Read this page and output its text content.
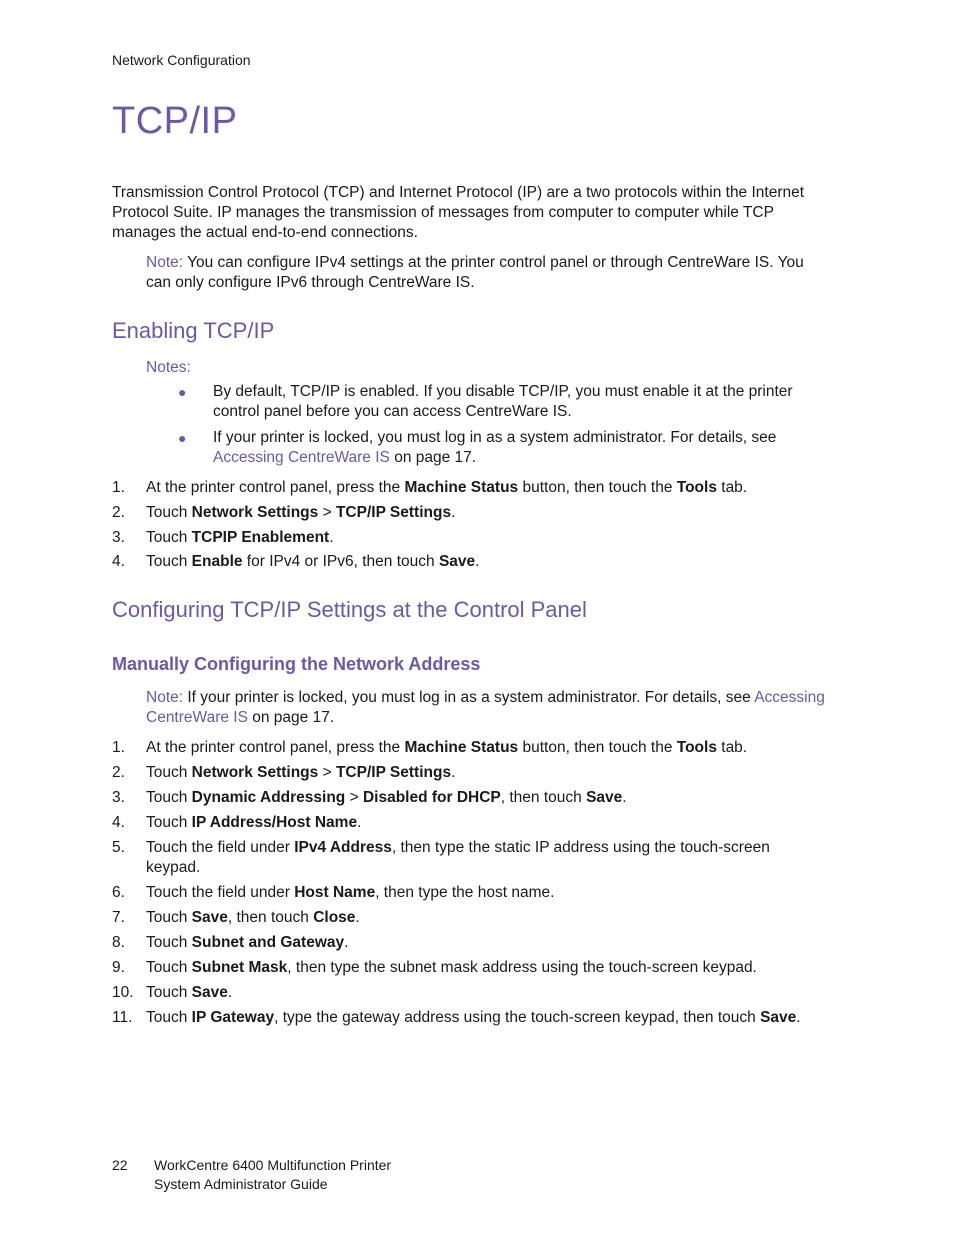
Network Configuration
TCP/IP
Transmission Control Protocol (TCP) and Internet Protocol (IP) are a two protocols within the Internet
Protocol Suite. IP manages the transmission of messages from computer to computer while TCP
manages the actual end-to-end connections.
Note: You can configure IPv4 settings at the printer control panel or through CentreWare IS. You
can only configure IPv6 through CentreWare IS.
Enabling TCP/IP
Notes:
● By default, TCP/IP is enabled. If you disable TCP/IP, you must enable it at the printer
control panel before you can access CentreWare IS.
● If your printer is locked, you must log in as a system administrator. For details, see
Accessing CentreWare IS on page 17.
1. At the printer control panel, press the Machine Status button, then touch the Tools tab.
2. Touch Network Settings > TCP/IP Settings.
3. Touch TCPIP Enablement.
4. Touch Enable for IPv4 or IPv6, then touch Save.
Configuring TCP/IP Settings at the Control Panel
Manually Configuring the Network Address
Note: If your printer is locked, you must log in as a system administrator. For details, see Accessing
CentreWare IS on page 17.
1. At the printer control panel, press the Machine Status button, then touch the Tools tab.
2. Touch Network Settings > TCP/IP Settings.
3. Touch Dynamic Addressing > Disabled for DHCP, then touch Save.
4. Touch IP Address/Host Name.
5. Touch the field under IPv4 Address, then type the static IP address using the touch-screen
keypad.
6. Touch the field under Host Name, then type the host name.
7. Touch Save, then touch Close.
8. Touch Subnet and Gateway.
9. Touch Subnet Mask, then type the subnet mask address using the touch-screen keypad.
10. Touch Save.
11. Touch IP Gateway, type the gateway address using the touch-screen keypad, then touch Save.
22 WorkCentre 6400 Multifunction Printer
System Administrator Guide
